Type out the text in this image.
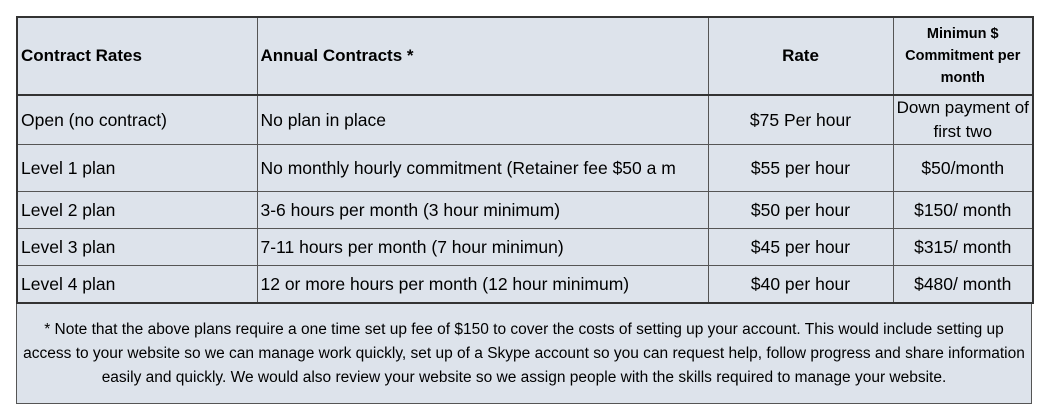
Contract Rates	Annual Contracts *	Rate	Minimun $ Commitment per month
Open (no contract)	No plan in place	$75 Per hour	Down payment of first two
Level 1 plan	No monthly hourly commitment (Retainer fee $50 a m	$55 per hour	$50/month
Level 2 plan	3-6 hours per month (3 hour minimum)	$50 per hour	$150/ month
Level 3 plan	7-11 hours per month (7 hour minimun)	$45 per hour	$315/ month
Level 4 plan	12 or more hours per month (12 hour minimum)	$40 per hour	$480/ month
* Note that the above plans require a one time set up fee of $150 to cover the costs of setting up your account. This would include setting up access to your website so we can manage work quickly, set up of a Skype account so you can request help, follow progress and share information easily and quickly. We would also review your website so we assign people with the skills required to manage your website.
